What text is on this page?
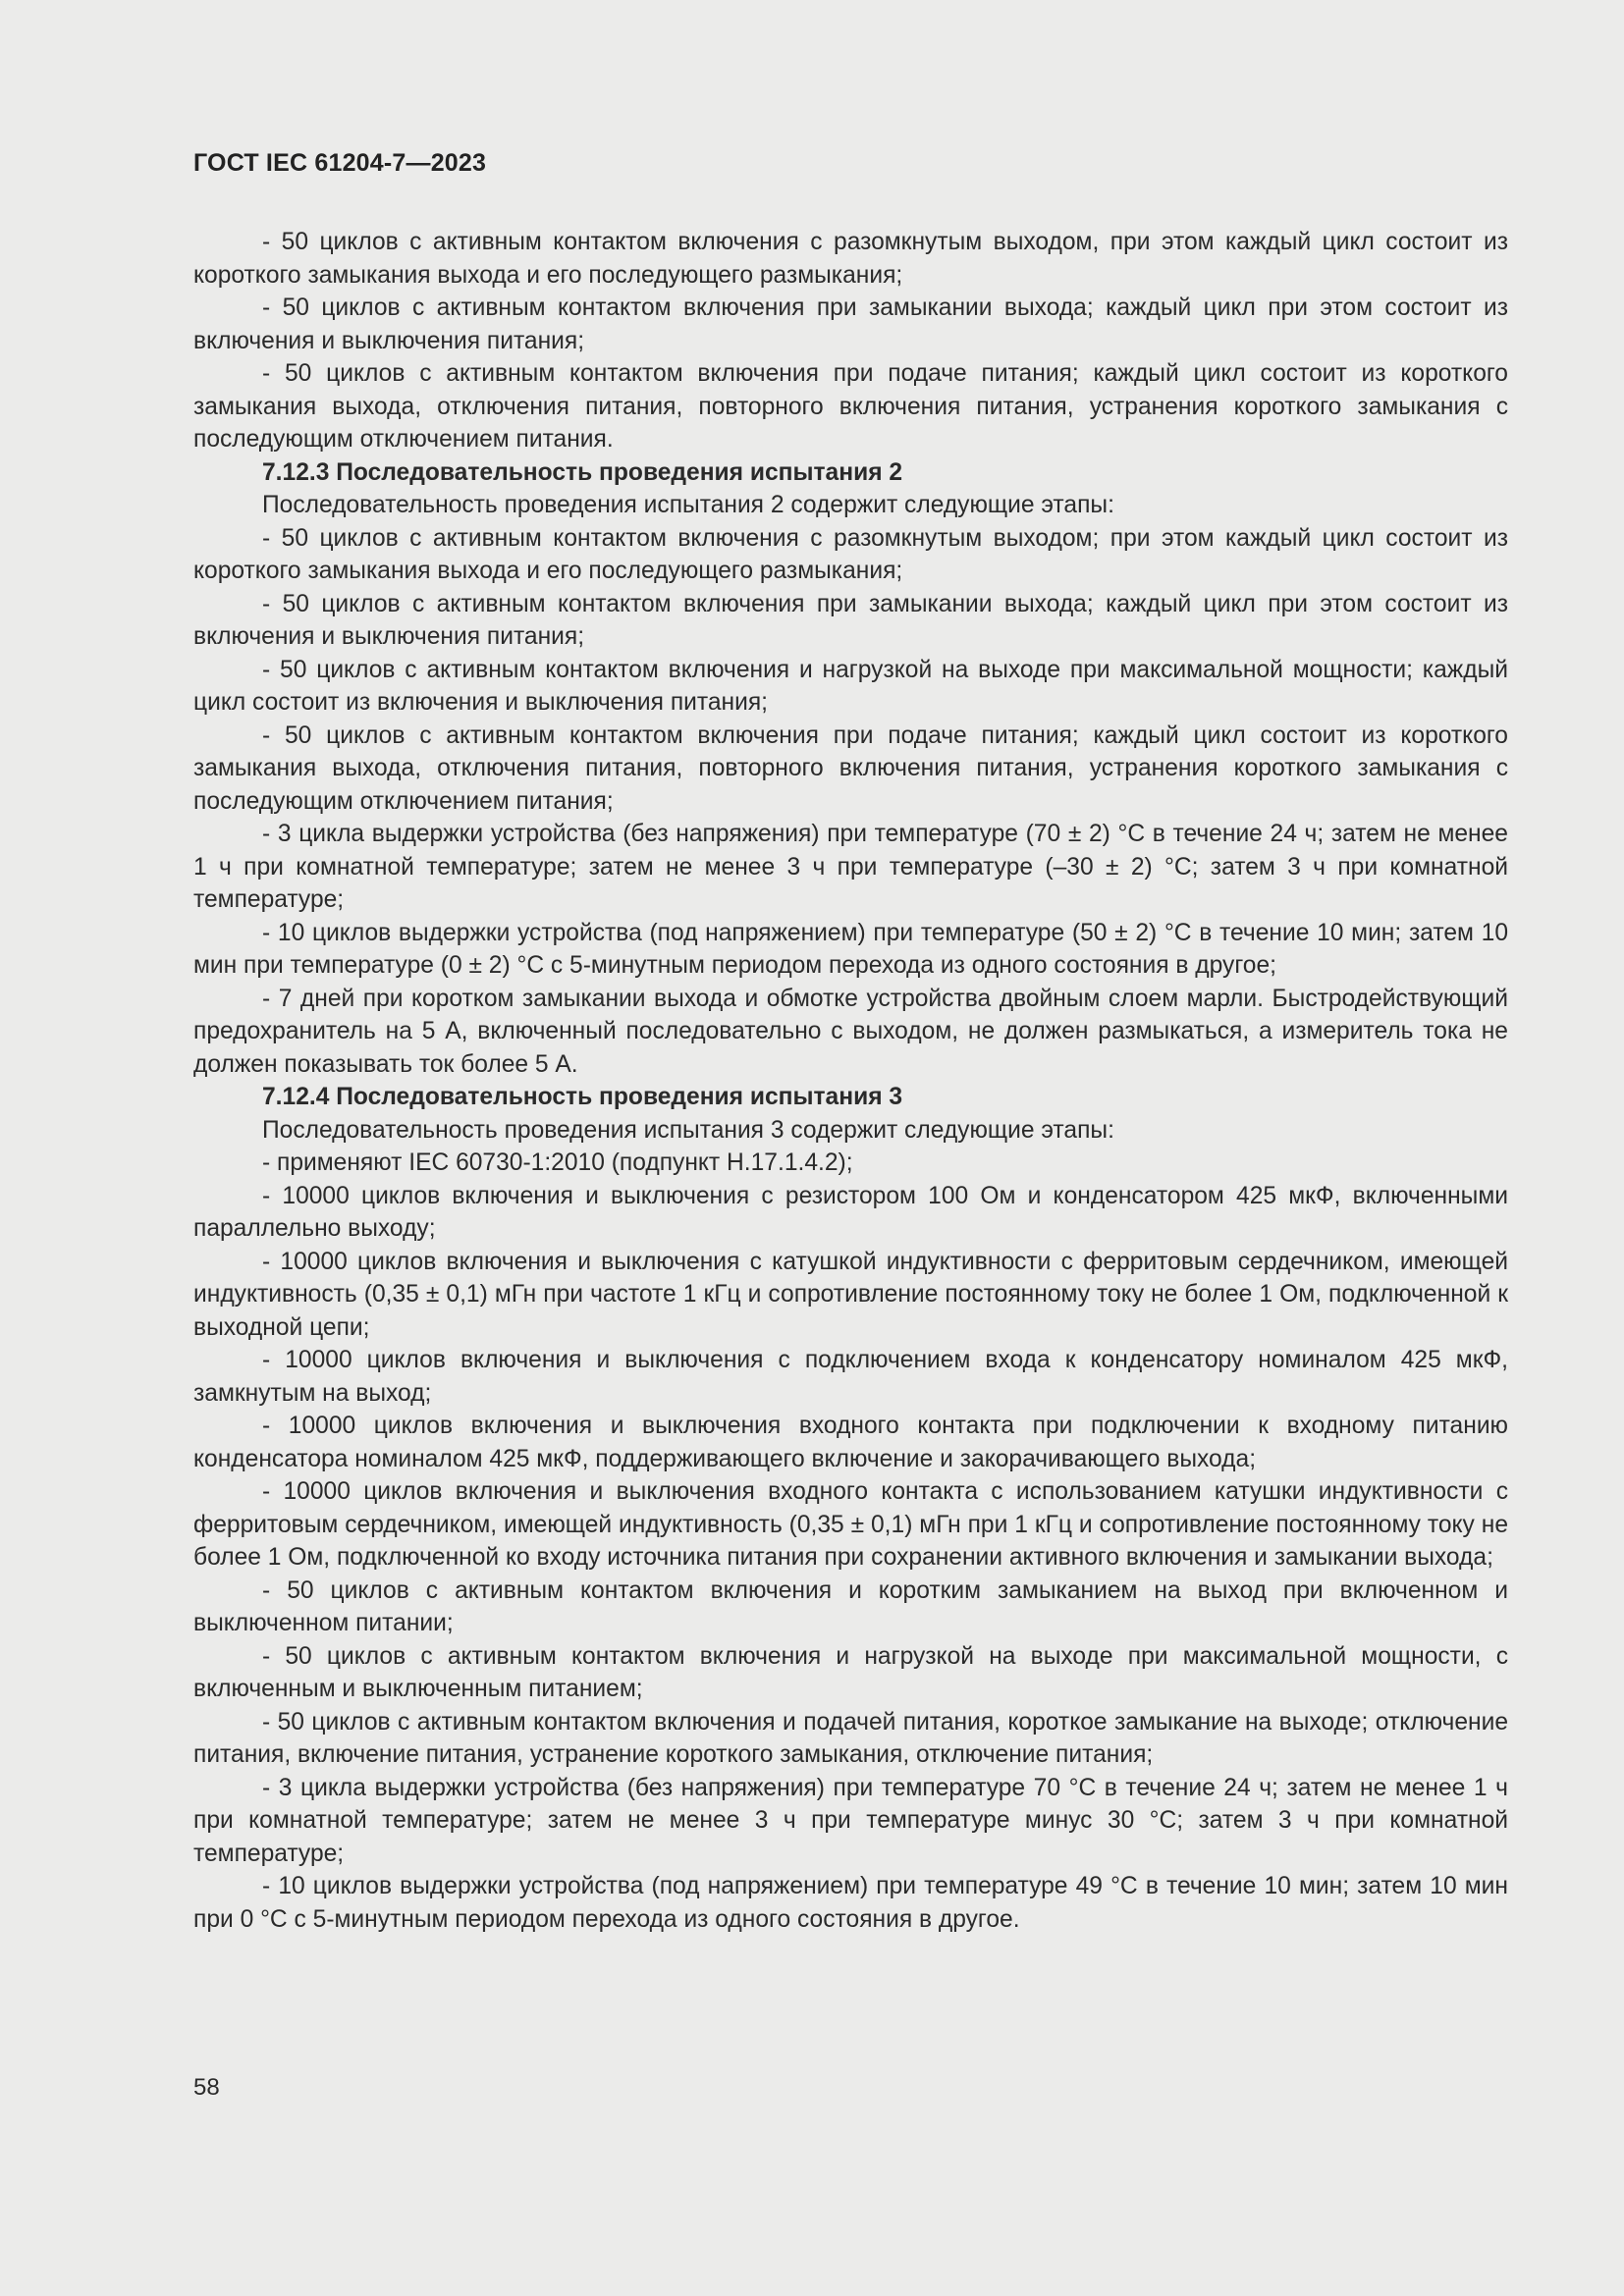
ГОСТ IEC 61204-7—2023

- 50 циклов с активным контактом включения с разомкнутым выходом, при этом каждый цикл состоит из короткого замыкания выхода и его последующего размыкания;

- 50 циклов с активным контактом включения при замыкании выхода; каждый цикл при этом состоит из включения и выключения питания;

- 50 циклов с активным контактом включения при подаче питания; каждый цикл состоит из короткого замыкания выхода, отключения питания, повторного включения питания, устранения короткого замыкания с последующим отключением питания.

7.12.3 Последовательность проведения испытания 2

Последовательность проведения испытания 2 содержит следующие этапы:

- 50 циклов с активным контактом включения с разомкнутым выходом; при этом каждый цикл состоит из короткого замыкания выхода и его последующего размыкания;

- 50 циклов с активным контактом включения при замыкании выхода; каждый цикл при этом состоит из включения и выключения питания;

- 50 циклов с активным контактом включения и нагрузкой на выходе при максимальной мощности; каждый цикл состоит из включения и выключения питания;

- 50 циклов с активным контактом включения при подаче питания; каждый цикл состоит из короткого замыкания выхода, отключения питания, повторного включения питания, устранения короткого замыкания с последующим отключением питания;

- 3 цикла выдержки устройства (без напряжения) при температуре (70 ± 2) °С в течение 24 ч; затем не менее 1 ч при комнатной температуре; затем не менее 3 ч при температуре (–30 ± 2) °С; затем 3 ч при комнатной температуре;

- 10 циклов выдержки устройства (под напряжением) при температуре (50 ± 2) °С в течение 10 мин; затем 10 мин при температуре (0 ± 2) °С с 5-минутным периодом перехода из одного состояния в другое;

- 7 дней при коротком замыкании выхода и обмотке устройства двойным слоем марли. Быстродействующий предохранитель на 5 А, включенный последовательно с выходом, не должен размыкаться, а измеритель тока не должен показывать ток более 5 А.

7.12.4 Последовательность проведения испытания 3

Последовательность проведения испытания 3 содержит следующие этапы:

- применяют IEC 60730-1:2010 (подпункт Н.17.1.4.2);

- 10000 циклов включения и выключения с резистором 100 Ом и конденсатором 425 мкФ, включенными параллельно выходу;

- 10000 циклов включения и выключения с катушкой индуктивности с ферритовым сердечником, имеющей индуктивность (0,35 ± 0,1) мГн при частоте 1 кГц и сопротивление постоянному току не более 1 Ом, подключенной к выходной цепи;

- 10000 циклов включения и выключения с подключением входа к конденсатору номиналом 425 мкФ, замкнутым на выход;

- 10000 циклов включения и выключения входного контакта при подключении к входному питанию конденсатора номиналом 425 мкФ, поддерживающего включение и закорачивающего выхода;

- 10000 циклов включения и выключения входного контакта с использованием катушки индуктивности с ферритовым сердечником, имеющей индуктивность (0,35 ± 0,1) мГн при 1 кГц и сопротивление постоянному току не более 1 Ом, подключенной ко входу источника питания при сохранении активного включения и замыкании выхода;

- 50 циклов с активным контактом включения и коротким замыканием на выход при включенном и выключенном питании;

- 50 циклов с активным контактом включения и нагрузкой на выходе при максимальной мощности, с включенным и выключенным питанием;

- 50 циклов с активным контактом включения и подачей питания, короткое замыкание на выходе; отключение питания, включение питания, устранение короткого замыкания, отключение питания;

- 3 цикла выдержки устройства (без напряжения) при температуре 70 °С в течение 24 ч; затем не менее 1 ч при комнатной температуре; затем не менее 3 ч при температуре минус 30 °С; затем 3 ч при комнатной температуре;

- 10 циклов выдержки устройства (под напряжением) при температуре 49 °С в течение 10 мин; затем 10 мин при 0 °С с 5-минутным периодом перехода из одного состояния в другое.

58
